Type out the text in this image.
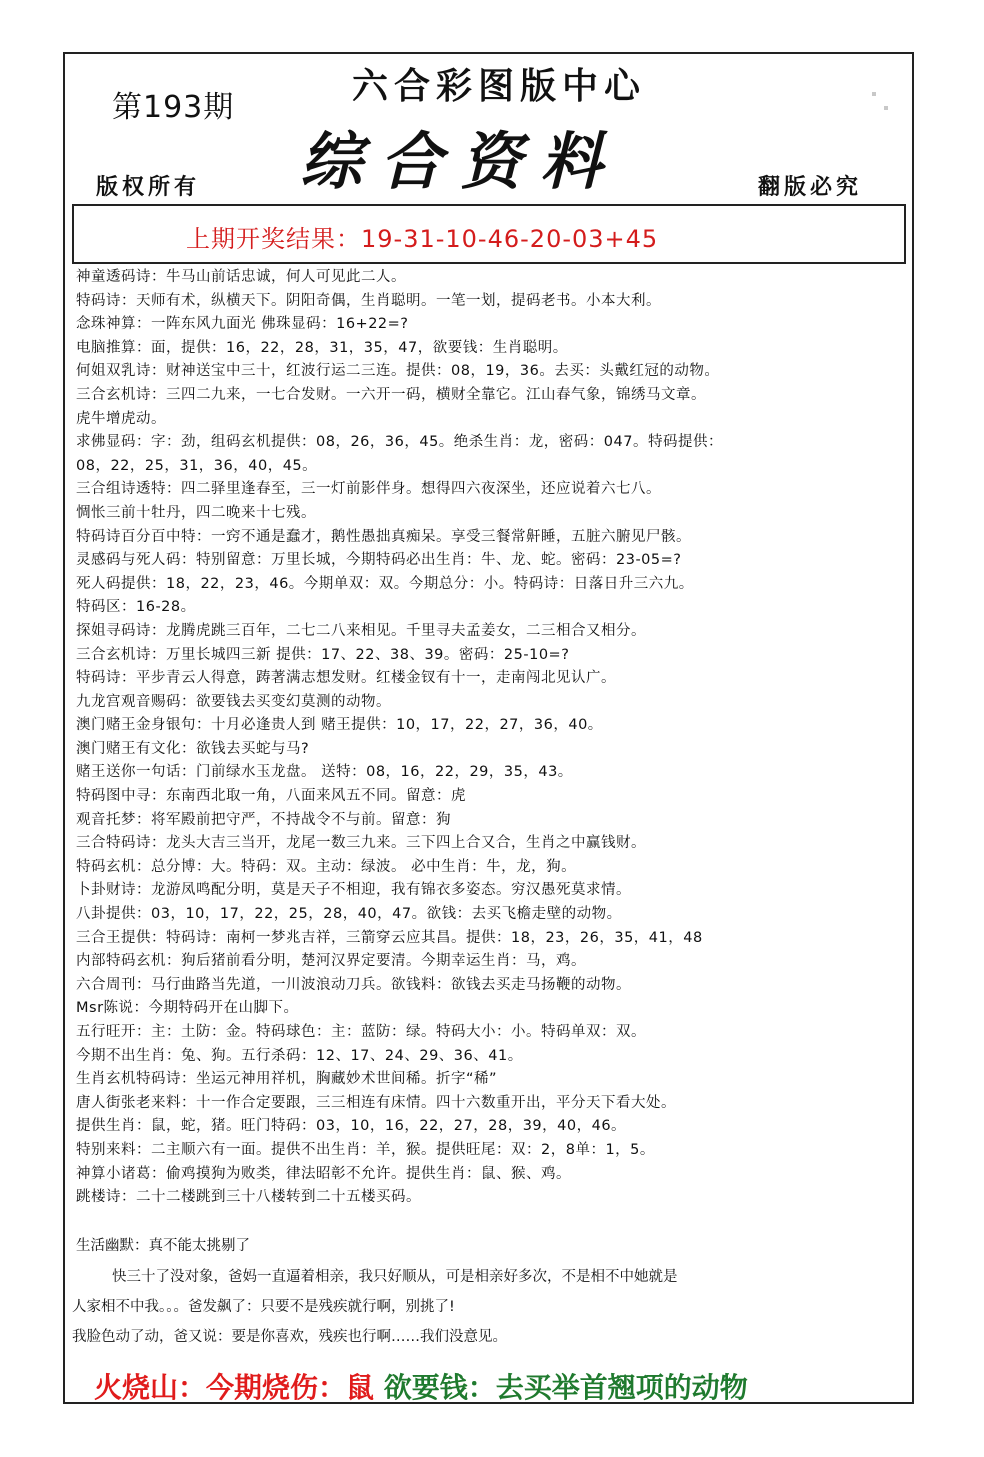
第193期
六合彩图版中心
综合资料
版权所有	翻版必究
上期开奖结果：19-31-10-46-20-03+45
神童透码诗：牛马山前话忠诚，何人可见此二人。
特码诗：天师有术，纵横天下。阴阳奇偶，生肖聪明。一笔一划，提码老书。小本大利。
念珠神算：一阵东风九面光 佛珠显码：16+22=?
电脑推算：面，提供：16，22，28，31，35，47，欲要钱：生肖聪明。
何姐双乳诗：财神送宝中三十，红波行运二三连。提供：08，19，36。去买：头戴红冠的动物。
三合玄机诗：三四二九来，一七合发财。一六开一码，横财全靠它。江山春气象，锦绣马文章。
虎牛增虎动。
求佛显码：字：劲，组码玄机提供：08，26，36，45。绝杀生肖：龙，密码：047。特码提供：
08，22，25，31，36，40，45。
三合组诗透特：四二驿里逢春至，三一灯前影伴身。想得四六夜深坐，还应说着六七八。
惆怅三前十牡丹，四二晚来十七残。
特码诗百分百中特：一窍不通是蠢才，鹅性愚拙真痴呆。享受三餐常鼾睡，五脏六腑见尸骸。
灵感码与死人码：特别留意：万里长城，今期特码必出生肖：牛、龙、蛇。密码：23-05=?
死人码提供：18，22，23，46。今期单双：双。今期总分：小。特码诗：日落日升三六九。
特码区：16-28。
探姐寻码诗：龙腾虎跳三百年，二七二八来相见。千里寻夫孟姜女，二三相合又相分。
三合玄机诗：万里长城四三新 提供：17、22、38、39。密码：25-10=?
特码诗：平步青云人得意，踌著满志想发财。红楼金钗有十一，走南闯北见认广。
九龙宫观音赐码：欲要钱去买变幻莫测的动物。
澳门赌王金身银句：十月必逢贵人到 赌王提供：10，17，22，27，36，40。
澳门赌王有文化：欲钱去买蛇与马?
赌王送你一句话：门前绿水玉龙盘。 送特：08，16，22，29，35，43。
特码图中寻：东南西北取一角，八面来风五不同。留意：虎
观音托梦：将军殿前把守严，不持战令不与前。留意：狗
三合特码诗：龙头大吉三当开，龙尾一数三九来。三下四上合又合，生肖之中赢钱财。
特码玄机：总分博：大。特码：双。主动：绿波。 必中生肖：牛，龙，狗。
卜卦财诗：龙游凤鸣配分明，莫是天子不相迎，我有锦衣多姿态。穷汉愚死莫求情。
八卦提供：03，10，17，22，25，28，40，47。欲钱：去买飞檐走壁的动物。
三合王提供：特码诗：南柯一梦兆吉祥，三箭穿云应其昌。提供：18，23，26，35，41，48
内部特码玄机：狗后猪前看分明，楚河汉界定要清。今期幸运生肖：马，鸡。
六合周刊：马行曲路当先道，一川波浪动刀兵。欲钱料：欲钱去买走马扬鞭的动物。
Msr陈说：今期特码开在山脚下。
五行旺开：主：土防：金。特码球色：主：蓝防：绿。特码大小：小。特码单双：双。
今期不出生肖：兔、狗。五行杀码：12、17、24、29、36、41。
生肖玄机特码诗：坐运元神用祥机，胸藏妙术世间稀。折字“稀”
唐人街张老来料：十一作合定要跟，三三相连有床情。四十六数重开出，平分天下看大处。
提供生肖：鼠，蛇，猪。旺门特码：03，10，16，22，27，28，39，40，46。
特别来料：二主顺六有一面。提供不出生肖：羊，猴。提供旺尾：双：2，8单：1，5。
神算小诸葛：偷鸡摸狗为败类，律法昭彰不允许。提供生肖：鼠、猴、鸡。
跳楼诗：二十二楼跳到三十八楼转到二十五楼买码。
生活幽默：真不能太挑剔了
快三十了没对象，爸妈一直逼着相亲，我只好顺从，可是相亲好多次，不是相不中她就是
人家相不中我。。。爸发飙了：只要不是残疾就行啊，别挑了!
我脸色动了动，爸又说：要是你喜欢，残疾也行啊……我们没意见。
火烧山：今期烧伤：鼠 欲要钱：去买举首翘项的动物
